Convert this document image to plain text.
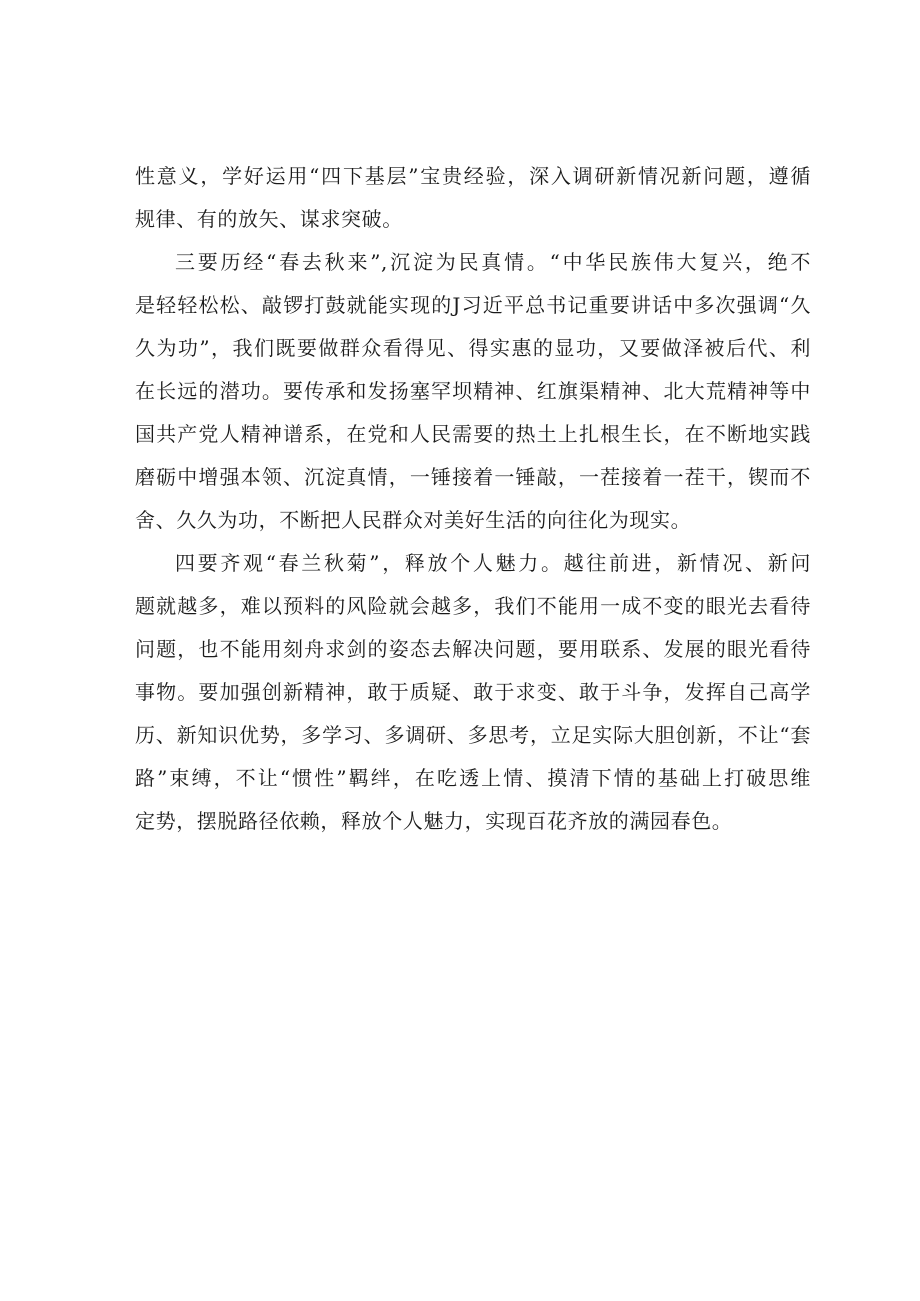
性意义，学好运用“四下基层”宝贵经验，深入调研新情况新问题，遵循
规律、有的放矢、谋求突破。
三要历经“春去秋来”,沉淀为民真情。“中华民族伟大复兴，绝不
是轻轻松松、敲锣打鼓就能实现的J习近平总书记重要讲话中多次强调“久
久为功”，我们既要做群众看得见、得实惠的显功，又要做泽被后代、利
在长远的潜功。要传承和发扬塞罕坝精神、红旗渠精神、北大荒精神等中
国共产党人精神谱系，在党和人民需要的热土上扎根生长，在不断地实践
磨砺中增强本领、沉淀真情，一锤接着一锤敲，一茬接着一茬干，锲而不
舍、久久为功，不断把人民群众对美好生活的向往化为现实。
四要齐观“春兰秋菊”，释放个人魅力。越往前进，新情况、新问
题就越多，难以预料的风险就会越多，我们不能用一成不变的眼光去看待
问题，也不能用刻舟求剑的姿态去解决问题，要用联系、发展的眼光看待
事物。要加强创新精神，敢于质疑、敢于求变、敢于斗争，发挥自己高学
历、新知识优势，多学习、多调研、多思考，立足实际大胆创新，不让“套
路”束缚，不让“惯性”羁绊，在吃透上情、摸清下情的基础上打破思维
定势，摆脱路径依赖，释放个人魅力，实现百花齐放的满园春色。
